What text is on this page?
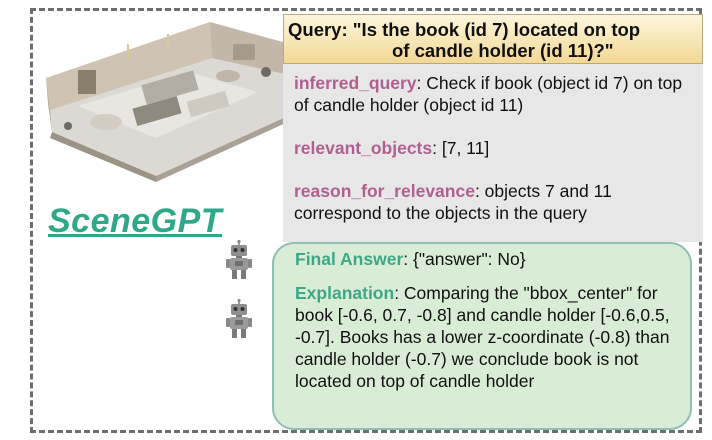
SceneGPT
Query: "Is the book (id 7) located on top
of candle holder (id 11)?"

inferred_query: Check if book (object id 7) on top of candle holder (object id 11)

relevant_objects: [7, 11]

reason_for_relevance: objects 7 and 11 correspond to the objects in the query

Final Answer: {"answer": No}

Explanation: Comparing the "bbox_center" for book [-0.6, 0.7, -0.8] and candle holder [-0.6,0.5, -0.7]. Books has a lower z-coordinate (-0.8) than candle holder (-0.7) we conclude book is not located on top of candle holder
